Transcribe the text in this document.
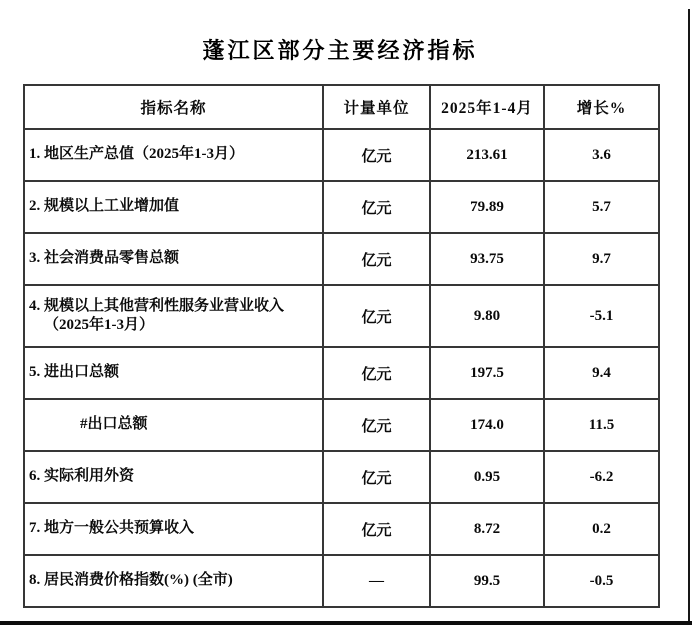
蓬江区部分主要经济指标
指标名称	计量单位	2025年1-4月	增长%
1. 地区生产总值（2025年1-3月）	亿元	213.61	3.6
2. 规模以上工业增加值	亿元	79.89	5.7
3. 社会消费品零售总额	亿元	93.75	9.7
4. 规模以上其他营利性服务业营业收入
（2025年1-3月）	亿元	9.80	-5.1
5. 进出口总额	亿元	197.5	9.4
#出口总额	亿元	174.0	11.5
6. 实际利用外资	亿元	0.95	-6.2
7. 地方一般公共预算收入	亿元	8.72	0.2
8. 居民消费价格指数(%) (全市)	—	99.5	-0.5
